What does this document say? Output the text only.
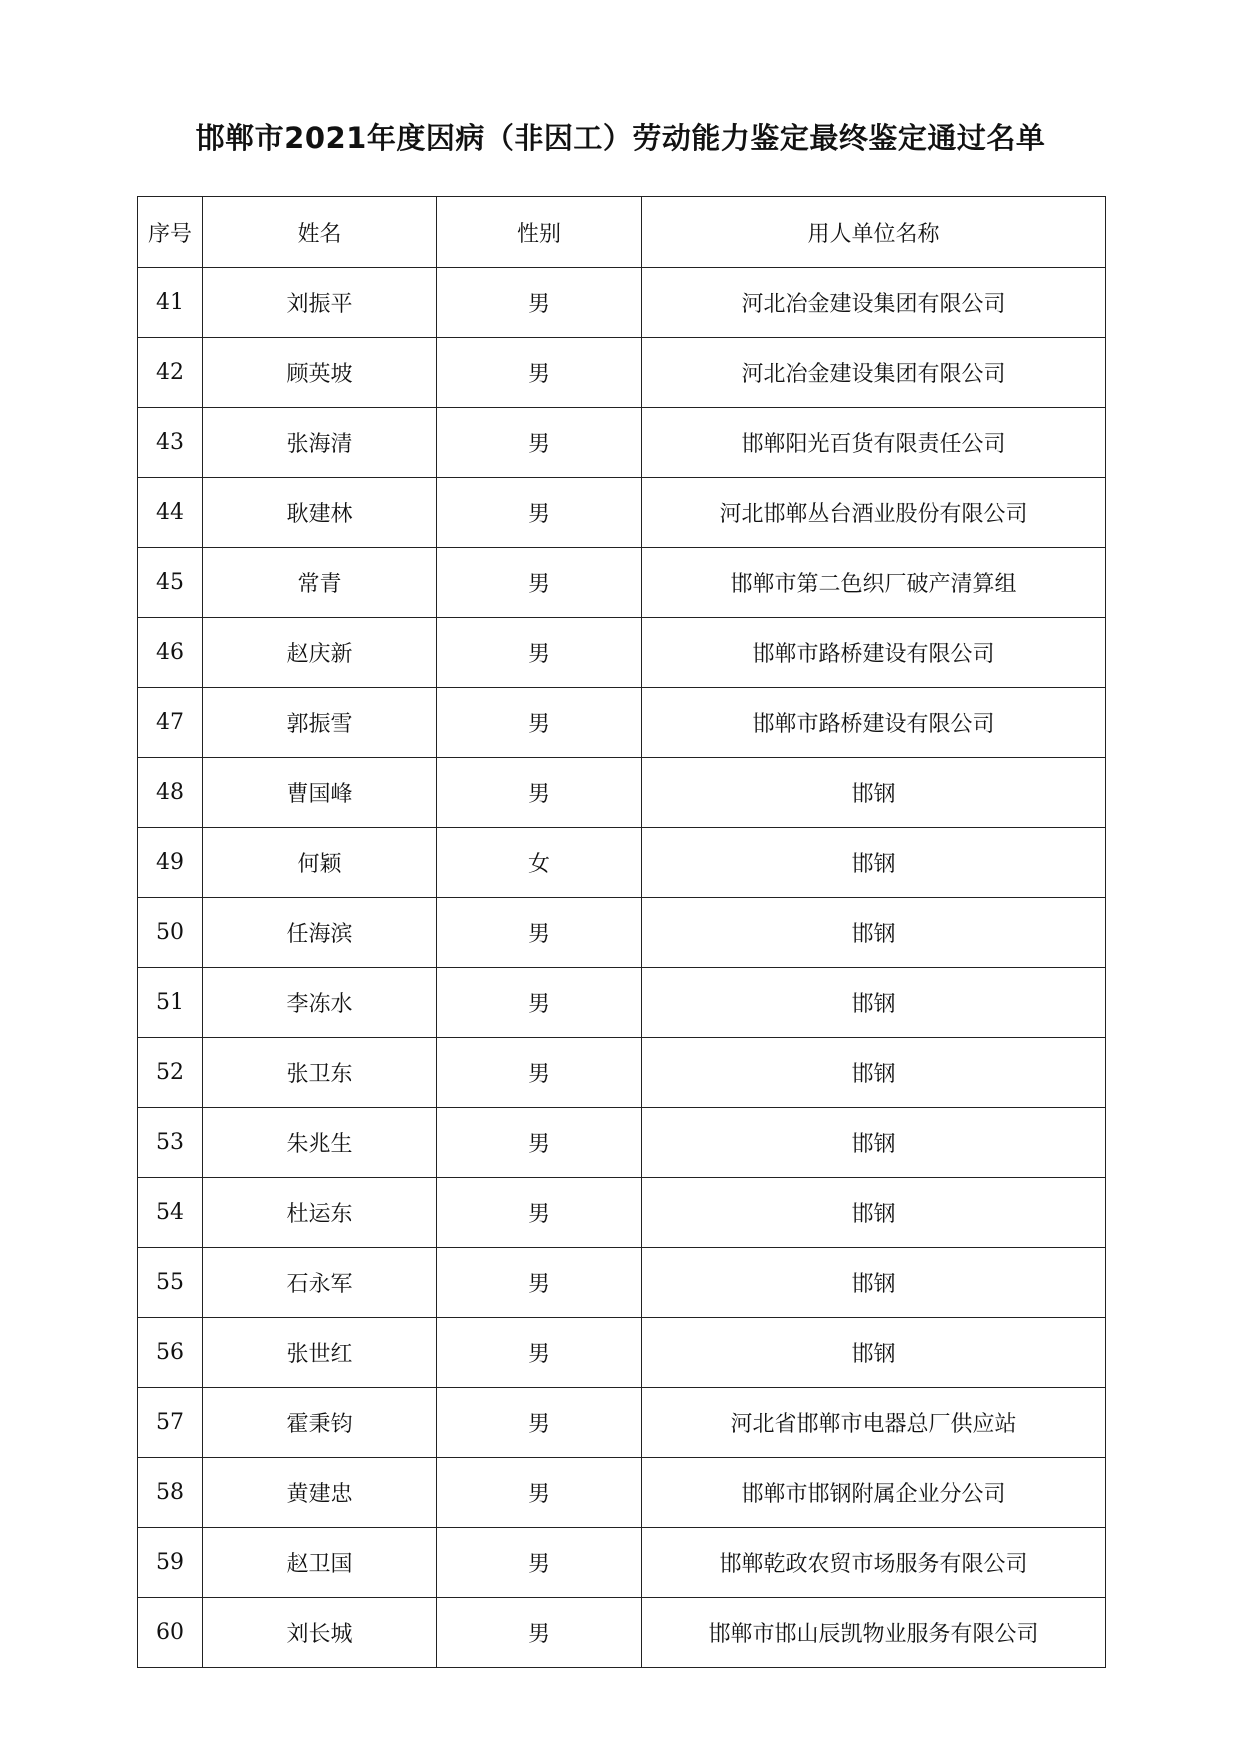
邯郸市2021年度因病（非因工）劳动能力鉴定最终鉴定通过名单
序号	姓名	性别	用人单位名称
41	刘振平	男	河北冶金建设集团有限公司
42	顾英坡	男	河北冶金建设集团有限公司
43	张海清	男	邯郸阳光百货有限责任公司
44	耿建林	男	河北邯郸丛台酒业股份有限公司
45	常青	男	邯郸市第二色织厂破产清算组
46	赵庆新	男	邯郸市路桥建设有限公司
47	郭振雪	男	邯郸市路桥建设有限公司
48	曹国峰	男	邯钢
49	何颖	女	邯钢
50	任海滨	男	邯钢
51	李冻水	男	邯钢
52	张卫东	男	邯钢
53	朱兆生	男	邯钢
54	杜运东	男	邯钢
55	石永军	男	邯钢
56	张世红	男	邯钢
57	霍秉钧	男	河北省邯郸市电器总厂供应站
58	黄建忠	男	邯郸市邯钢附属企业分公司
59	赵卫国	男	邯郸乾政农贸市场服务有限公司
60	刘长城	男	邯郸市邯山辰凯物业服务有限公司
